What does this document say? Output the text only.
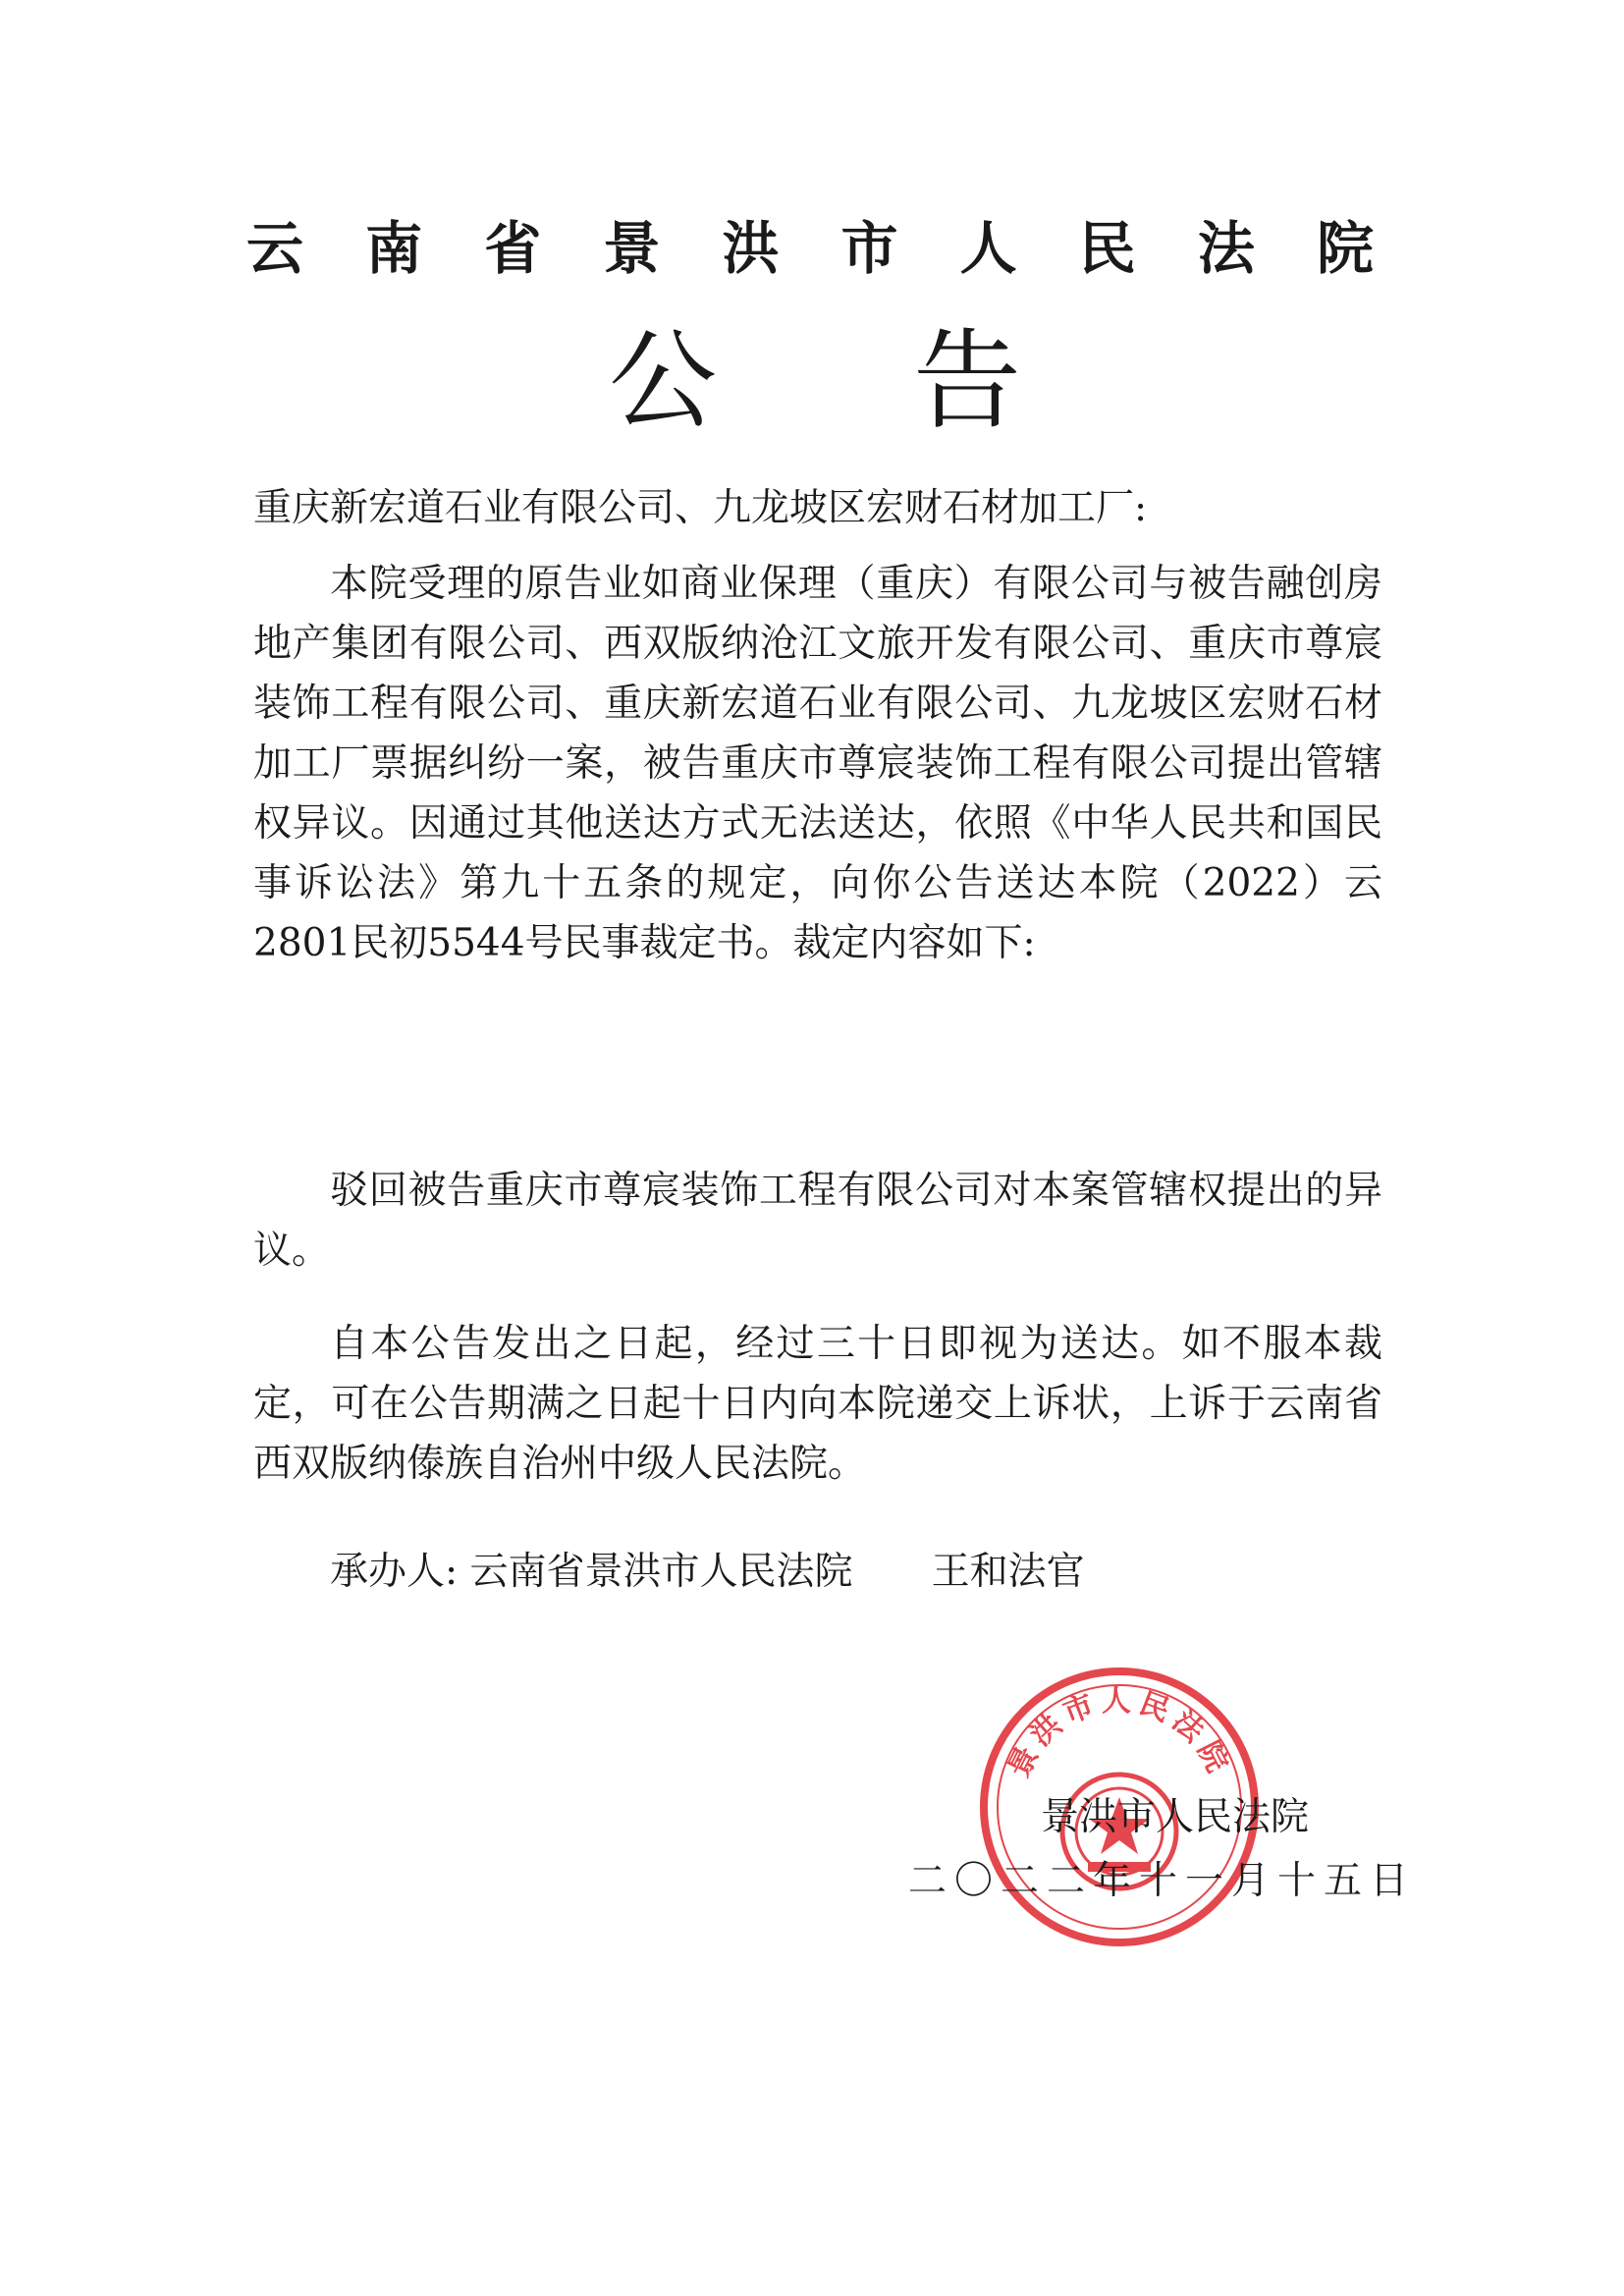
云南省景洪市人民法院
公告

重庆新宏道石业有限公司、九龙坡区宏财石材加工厂:

本院受理的原告业如商业保理（重庆）有限公司与被告融创房地产集团有限公司、西双版纳沧江文旅开发有限公司、重庆市尊宸装饰工程有限公司、重庆新宏道石业有限公司、九龙坡区宏财石材加工厂票据纠纷一案，被告重庆市尊宸装饰工程有限公司提出管辖权异议。因通过其他送达方式无法送达，依照《中华人民共和国民事诉讼法》第九十五条的规定，向你公告送达本院（2022）云2801民初5544号民事裁定书。裁定内容如下:

驳回被告重庆市尊宸装饰工程有限公司对本案管辖权提出的异议。

自本公告发出之日起，经过三十日即视为送达。如不服本裁定，可在公告期满之日起十日内向本院递交上诉状，上诉于云南省西双版纳傣族自治州中级人民法院。

承办人: 云南省景洪市人民法院 王和法官

景洪市人民法院
景洪市人民法院
二〇二二年十一月十五日
